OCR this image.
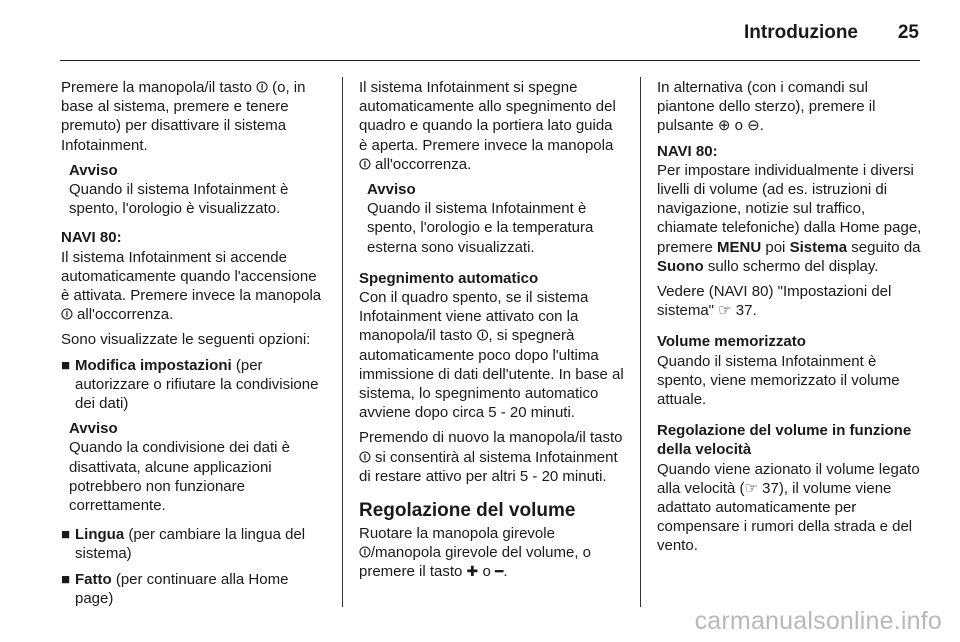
Introduzione 25

Premere la manopola/il tasto ⏼ (o, in base al sistema, premere e tenere premuto) per disattivare il sistema Infotainment.

Avviso
Quando il sistema Infotainment è spento, l'orologio è visualizzato.
NAVI 80:

Il sistema Infotainment si accende automaticamente quando l'accensione è attivata. Premere invece la manopola ⏼ all'occorrenza.

Sono visualizzate le seguenti opzioni:

■ Modifica impostazioni (per autorizzare o rifiutare la condivisione dei dati)
Avviso
Quando la condivisione dei dati è disattivata, alcune applicazioni potrebbero non funzionare correttamente.
■ Lingua (per cambiare la lingua del sistema)
■ Fatto (per continuare alla Home page)

Il sistema Infotainment si spegne automaticamente allo spegnimento del quadro e quando la portiera lato guida è aperta. Premere invece la manopola ⏼ all'occorrenza.

Avviso
Quando il sistema Infotainment è spento, l'orologio e la temperatura esterna sono visualizzati.
Spegnimento automatico

Con il quadro spento, se il sistema Infotainment viene attivato con la manopola/il tasto ⏼, si spegnerà automaticamente poco dopo l'ultima immissione di dati dell'utente. In base al sistema, lo spegnimento automatico avviene dopo circa 5 - 20 minuti.

Premendo di nuovo la manopola/il tasto ⏼ si consentirà al sistema Infotainment di restare attivo per altri 5 - 20 minuti.

Regolazione del volume

Ruotare la manopola girevole ⏼/manopola girevole del volume, o premere il tasto ✚ o ━.

In alternativa (con i comandi sul piantone dello sterzo), premere il pulsante ⊕ o ⊖.

NAVI 80:

Per impostare individualmente i diversi livelli di volume (ad es. istruzioni di navigazione, notizie sul traffico, chiamate telefoniche) dalla Home page, premere MENU poi Sistema seguito da Suono sullo schermo del display.

Vedere (NAVI 80) "Impostazioni del sistema" ☞ 37.

Volume memorizzato

Quando il sistema Infotainment è spento, viene memorizzato il volume attuale.

Regolazione del volume in funzione della velocità

Quando viene azionato il volume legato alla velocità (☞ 37), il volume viene adattato automaticamente per compensare i rumori della strada e del vento.

carmanualsonline.info
